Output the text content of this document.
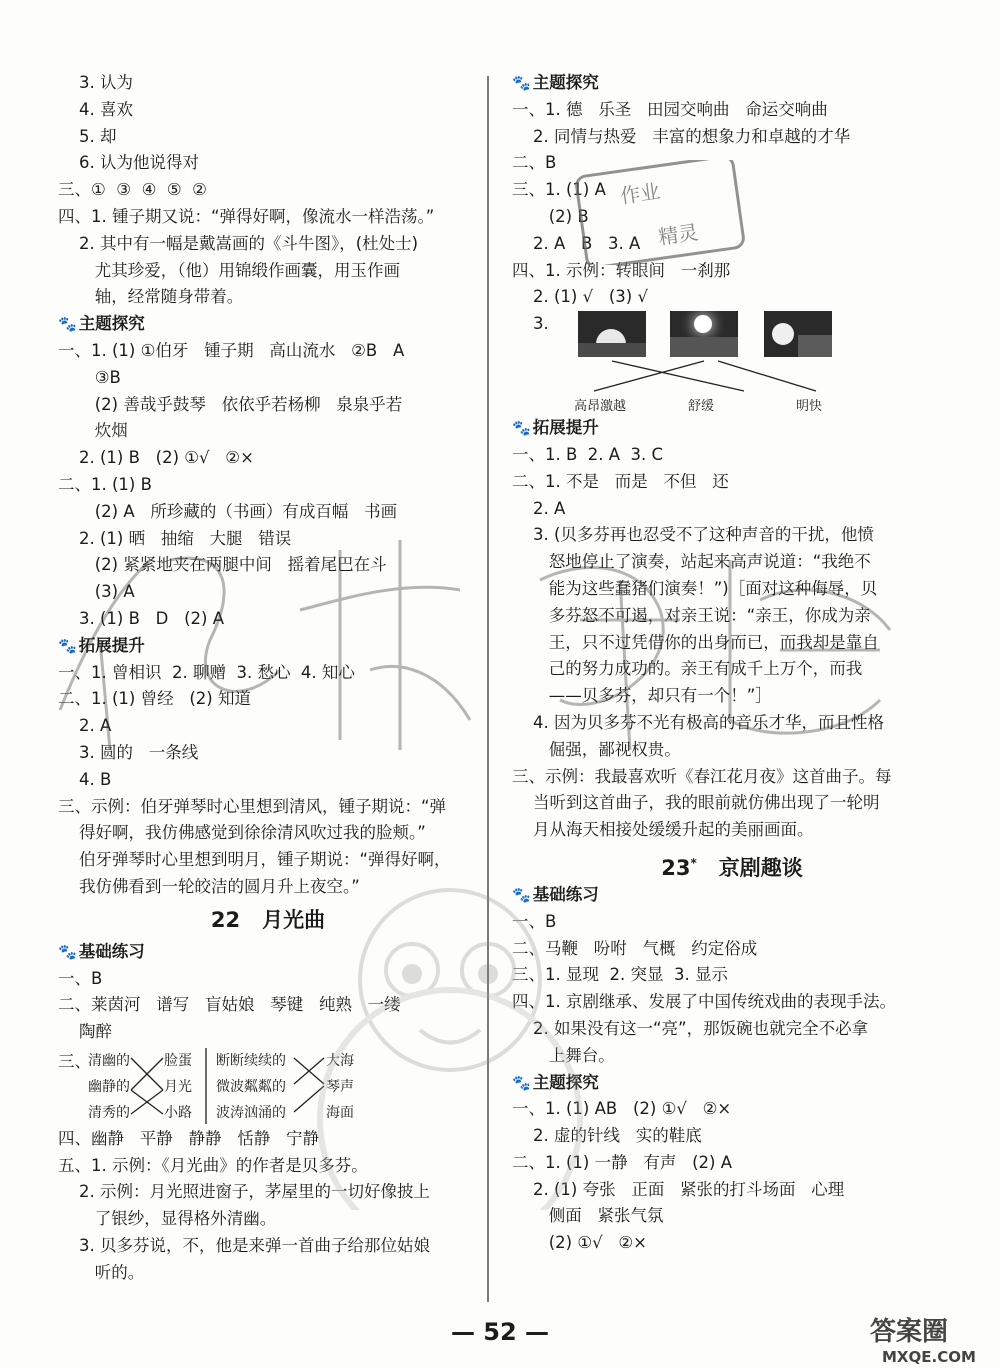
3. 认为
4. 喜欢
5. 却
6. 认为他说得对
三、①  ③  ④  ⑤  ②
四、1. 锺子期又说：“弹得好啊，像流水一样浩荡。”
2. 其中有一幅是戴嵩画的《斗牛图》，(杜处士)
尤其珍爱，（他）用锦缎作画囊，用玉作画
轴，经常随身带着。
🐾 主题探究
一、1. (1) ①伯牙   锺子期   高山流水   ②B   A
③B
(2) 善哉乎鼓琴   依依乎若杨柳   泉泉乎若
炊烟
2. (1) B   (2) ①√   ②×
二、1. (1) B
(2) A   所珍藏的（书画）有成百幅   书画
2. (1) 晒   抽缩   大腿   错误
(2) 紧紧地夹在两腿中间   摇着尾巴在斗
(3) A
3. (1) B   D   (2) A
🐾 拓展提升
一、1. 曾相识  2. 聊赠  3. 愁心  4. 知心
二、1. (1) 曾经   (2) 知道
2. A
3. 圆的   一条线
4. B
三、示例：伯牙弹琴时心里想到清风，锺子期说：“弹
得好啊，我仿佛感觉到徐徐清风吹过我的脸颊。”
伯牙弹琴时心里想到明月，锺子期说：“弹得好啊，
我仿佛看到一轮皎洁的圆月升上夜空。”
22   月光曲
🐾 基础练习
一、B
二、莱茵河   谱写   盲姑娘   琴键   纯熟   一缕
陶醉
三、
清幽的
幽静的
清秀的
脸蛋
月光
小路
断断续续的
微波粼粼的
波涛汹涌的
大海
琴声
海面
四、幽静   平静   静静   恬静   宁静
五、1. 示例：《月光曲》的作者是贝多芬。
2. 示例：月光照进窗子，茅屋里的一切好像披上
了银纱，显得格外清幽。
3. 贝多芬说，不，他是来弹一首曲子给那位姑娘
听的。
🐾 主题探究
一、1. 德   乐圣   田园交响曲   命运交响曲
2. 同情与热爱   丰富的想象力和卓越的才华
二、B
三、1. (1) A
(2) B
2. A   B   3. A
四、1. 示例：转眼间   一刹那
2. (1) √   (3) √
3.
高昂激越	舒缓	明快
🐾 拓展提升
一、1. B  2. A  3. C
二、1. 不是   而是   不但   还
2. A
3. (贝多芬再也忍受不了这种声音的干扰，他愤
怒地停止了演奏，站起来高声说道：“我绝不
能为这些蠢猪们演奏！”)［面对这种侮辱，贝
多芬怒不可遏，对亲王说：“亲王，你成为亲
王，只不过凭借你的出身而已，而我却是靠自
己的努力成功的。亲王有成千上万个，而我
——贝多芬，却只有一个！”］
4. 因为贝多芬不光有极高的音乐才华，而且性格
倔强，鄙视权贵。
三、示例：我最喜欢听《春江花月夜》这首曲子。每
当听到这首曲子，我的眼前就仿佛出现了一轮明
月从海天相接处缓缓升起的美丽画面。
23* 京剧趣谈
🐾 基础练习
一、B
二、马鞭   吩咐   气概   约定俗成
三、1. 显现  2. 突显  3. 显示
四、1. 京剧继承、发展了中国传统戏曲的表现手法。
2. 如果没有这一“亮”，那饭碗也就完全不必拿
上舞台。
🐾 主题探究
一、1. (1) AB   (2) ①√   ②×
2. 虚的针线   实的鞋底
二、1. (1) 一静   有声   (2) A
2. (1) 夸张   正面   紧张的打斗场面   心理
侧面   紧张气氛
(2) ①√   ②×
作业
精灵
— 52 —	答案圈
MXQE.COM
